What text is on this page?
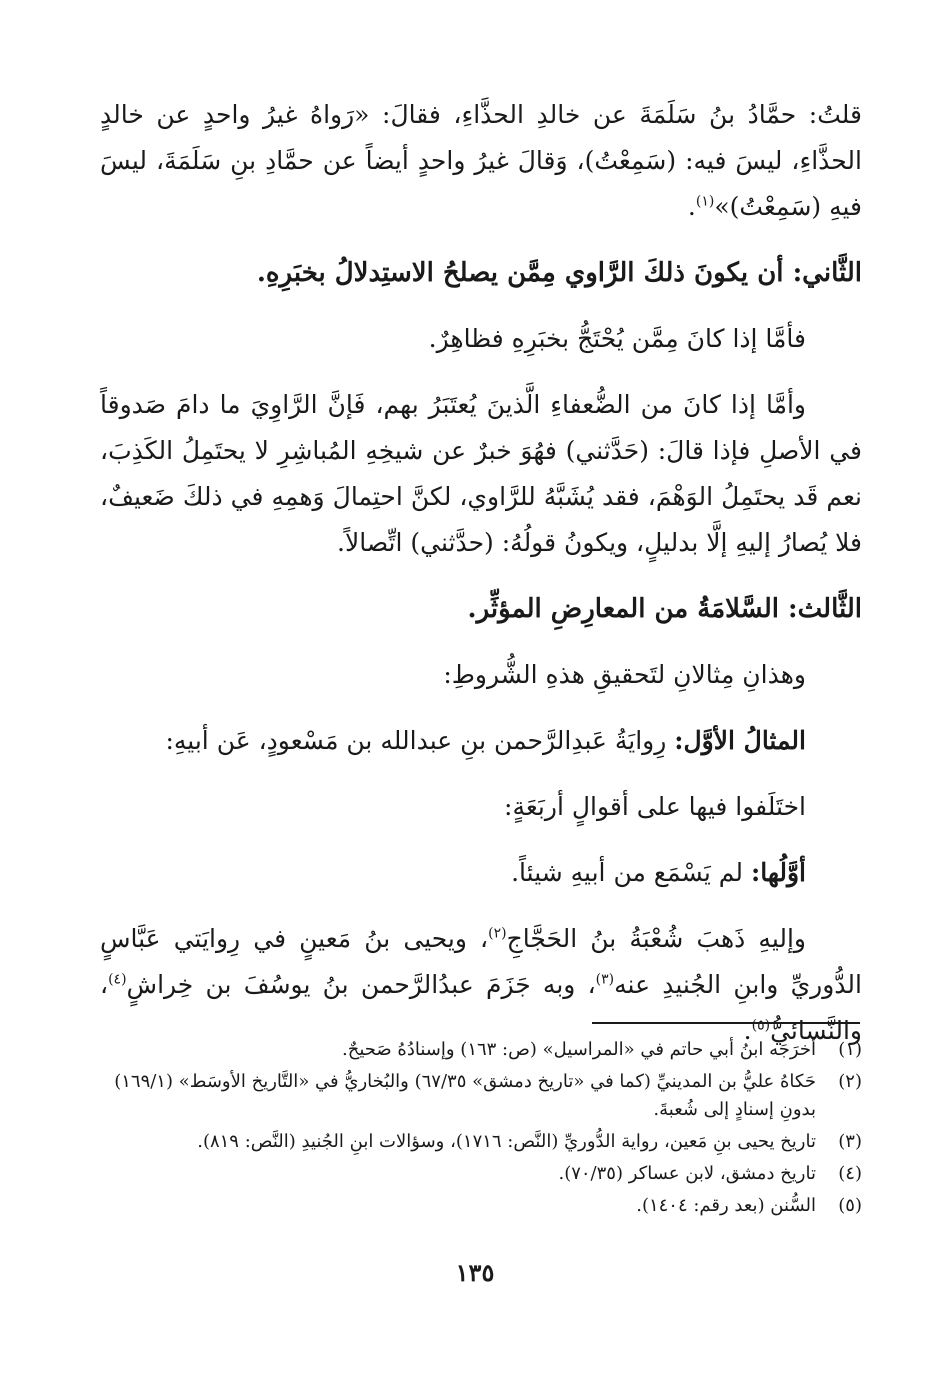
قلتُ: حمَّادُ بنُ سَلَمَةَ عن خالدِ الحذَّاءِ، فقالَ: «رَواهُ غيرُ واحدٍ عن خالدٍ الحذَّاءِ، ليسَ فيه: (سَمِعْتُ)، وَقالَ غيرُ واحدٍ أيضاً عن حمَّادِ بنِ سَلَمَةَ، ليسَ فيهِ (سَمِعْتُ)»$^{(١)}$.

الثَّاني: أن يكونَ ذلكَ الرَّاوي مِمَّن يصلحُ الاستِدلالُ بخبَرِهِ.

فأمَّا إذا كانَ مِمَّن يُحْتَجُّ بخبَرِهِ فظاهِرٌ.

وأمَّا إذا كانَ من الضُّعفاءِ الَّذينَ يُعتَبَرُ بهم، فَإنَّ الرَّاوِيَ ما دامَ صَدوقاً في الأصلِ فإذا قالَ: (حَدَّثني) فهُوَ خبرٌ عن شيخِهِ المُباشِرِ لا يحتَمِلُ الكَذِبَ، نعم قَد يحتَمِلُ الوَهْمَ، فقد يُشَبَّهُ للرَّاوي، لكنَّ احتِمالَ وَهمِهِ في ذلكَ ضَعيفٌ، فلا يُصارُ إليهِ إلَّا بدليلٍ، ويكونُ قولُهُ: (حدَّثني) اتِّصالاً.

الثَّالث: السَّلامَةُ من المعارِضِ المؤثِّر.

وهذانِ مِثالانِ لتَحقيقِ هذهِ الشُّروطِ:

المثالُ الأوَّل: رِوايَةُ عَبدِالرَّحمن بنِ عبدالله بن مَسْعودٍ، عَن أبيهِ:

اختَلَفوا فيها على أقوالٍ أربَعَةٍ:

أوَّلُها: لم يَسْمَع من أبيهِ شيئاً.

وإليهِ ذَهبَ شُعْبَةُ بنُ الحَجَّاجِ$^{(٢)}$، ويحيى بنُ مَعينٍ في رِوايَتي عَبَّاسٍ الدُّوريِّ وابنِ الجُنيدِ عنه$^{(٣)}$، وبه جَزَمَ عبدُالرَّحمن بنُ يوسُفَ بن خِراشٍ$^{(٤)}$، والنَّسائيُّ$^{(٥)}$.

(١)
أخرَجَه ابنُ أبي حاتم في «المراسيل» (ص: ١٦٣) وإسنادُهُ صَحيحٌ.
(٢)
حَكاهُ عليُّ بن المدينيِّ (كما في «تاريخ دمشق» ٦٧/٣٥) والبُخاريُّ في «التَّاريخ الأوسَط» (١٦٩/١) بدونِ إسنادٍ إلى شُعبةَ.
(٣)
تاريخ يحيى بنِ مَعين، رواية الدُّوريِّ (النَّص: ١٧١٦)، وسؤالات ابنِ الجُنيدِ (النَّص: ٨١٩).
(٤)
تاريخ دمشق، لابن عساكر (٧٠/٣٥).
(٥)
السُّنن (بعد رقم: ١٤٠٤).
١٣٥
